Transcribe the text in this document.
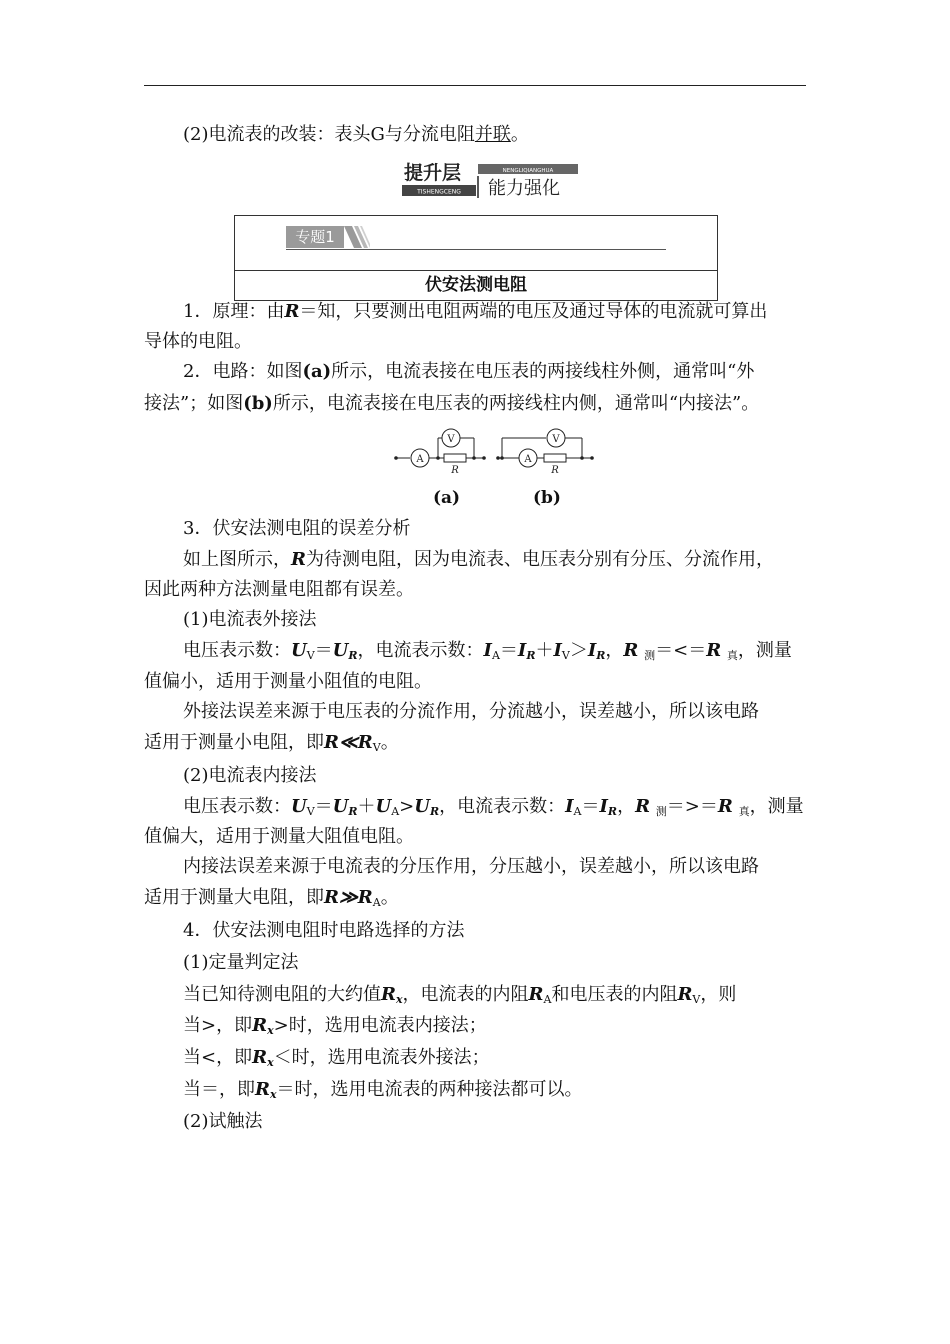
(2)电流表的改装：表头G与分流电阻并联。
提升层
TISHENGCENG
NENGLIQIANGHUA
能力强化
专题1
伏安法测电阻
1．原理：由R＝知，只要测出电阻两端的电压及通过导体的电流就可算出
导体的电阻。
2．电路：如图(a)所示，电流表接在电压表的两接线柱外侧，通常叫“外
接法”；如图(b)所示，电流表接在电压表的两接线柱内侧，通常叫“内接法”。
A
V
R
A
V
R
(a)	(b)
3．伏安法测电阻的误差分析
如上图所示，R为待测电阻，因为电流表、电压表分别有分压、分流作用，
因此两种方法测量电阻都有误差。
(1)电流表外接法
电压表示数：$U_V=U_R$，电流表示数：$I_A=I_R+I_V>I_R$，R $_测$＝<＝R $_真$，测量
值偏小，适用于测量小阻值的电阻。
外接法误差来源于电压表的分流作用，分流越小，误差越小，所以该电路
适用于测量小电阻，即$R≪R_V$。
(2)电流表内接法
电压表示数：$U_V=U_R+U_A>U_R$，电流表示数：$I_A=I_R$，R $_测$＝>＝R $_真$，测量
值偏大，适用于测量大阻值电阻。
内接法误差来源于电流表的分压作用，分压越小，误差越小，所以该电路
适用于测量大电阻，即$R≫R_A$。
4．伏安法测电阻时电路选择的方法
(1)定量判定法
当已知待测电阻的大约值$R_x$，电流表的内阻$R_A$和电压表的内阻$R_V$，则
当>，即$R_x>$时，选用电流表内接法；
当<，即$R_x<$时，选用电流表外接法；
当＝，即$R_x=$时，选用电流表的两种接法都可以。
(2)试触法
